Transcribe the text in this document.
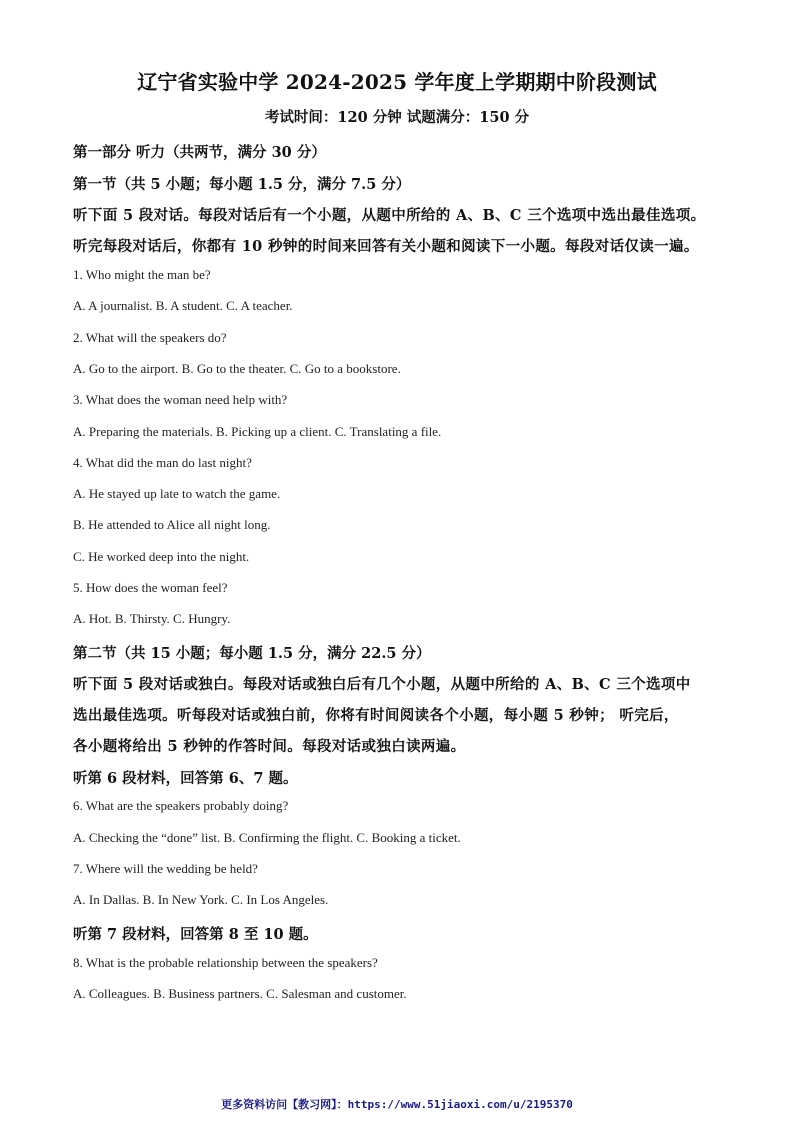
辽宁省实验中学 2024-2025 学年度上学期期中阶段测试
考试时间：120 分钟 试题满分：150 分
第一部分 听力（共两节，满分 30 分）
第一节（共 5 小题；每小题 1.5 分，满分 7.5 分）
听下面 5 段对话。每段对话后有一个小题，从题中所给的 A、B、C 三个选项中选出最佳选项。
听完每段对话后，你都有 10 秒钟的时间来回答有关小题和阅读下一小题。每段对话仅读一遍。
1. Who might the man be?
A. A journalist. B. A student. C. A teacher.
2. What will the speakers do?
A. Go to the airport. B. Go to the theater. C. Go to a bookstore.
3. What does the woman need help with?
A. Preparing the materials. B. Picking up a client. C. Translating a file.
4. What did the man do last night?
A. He stayed up late to watch the game.
B. He attended to Alice all night long.
C. He worked deep into the night.
5. How does the woman feel?
A. Hot. B. Thirsty. C. Hungry.
第二节（共 15 小题；每小题 1.5 分，满分 22.5 分）
听下面 5 段对话或独白。每段对话或独白后有几个小题，从题中所给的 A、B、C 三个选项中
选出最佳选项。听每段对话或独白前，你将有时间阅读各个小题，每小题 5 秒钟； 听完后，
各小题将给出 5 秒钟的作答时间。每段对话或独白读两遍。
听第 6 段材料，回答第 6、7 题。
6. What are the speakers probably doing?
A. Checking the “done” list. B. Confirming the flight. C. Booking a ticket.
7. Where will the wedding be held?
A. In Dallas. B. In New York. C. In Los Angeles.
听第 7 段材料，回答第 8 至 10 题。
8. What is the probable relationship between the speakers?
A. Colleagues. B. Business partners. C. Salesman and customer.
更多资料访问【教习网】：https://www.51jiaoxi.com/u/2195370
